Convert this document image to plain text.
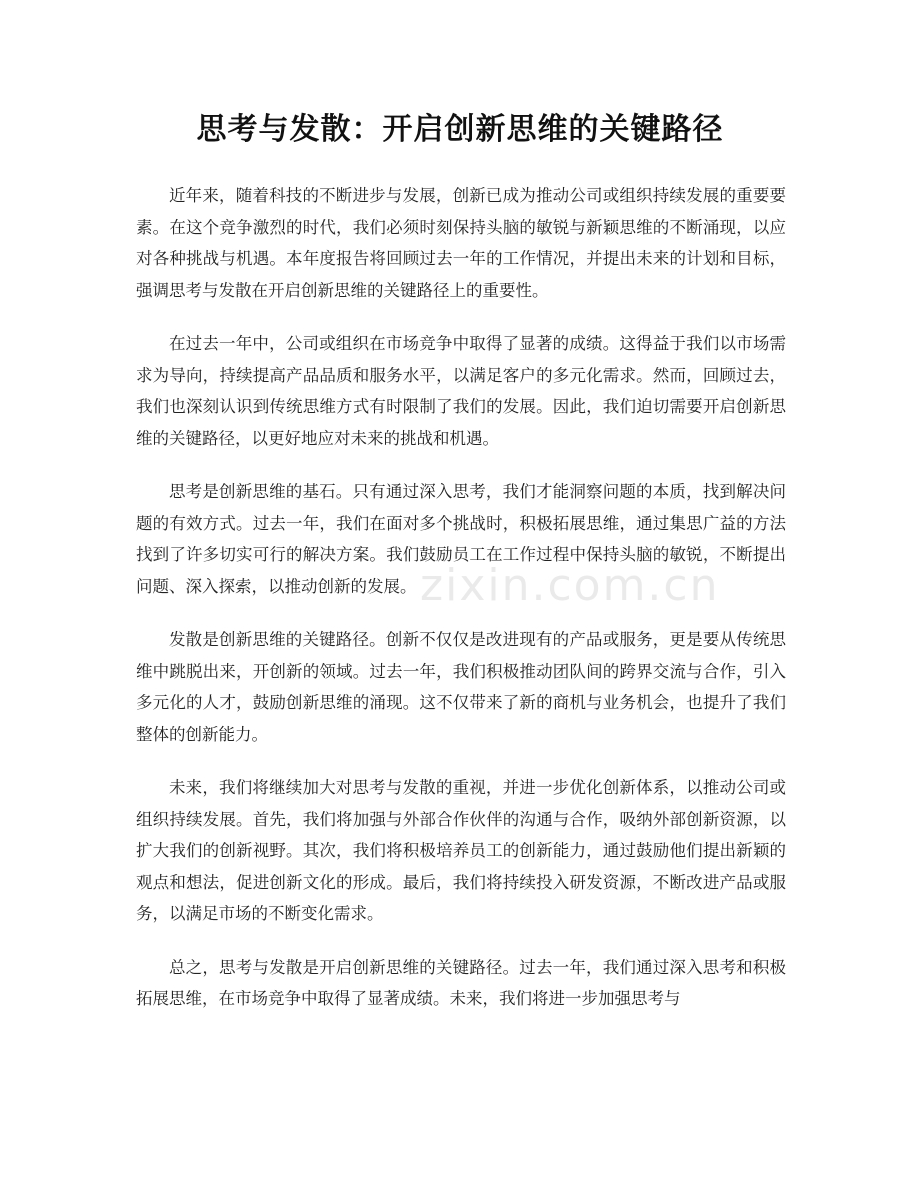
思考与发散：开启创新思维的关键路径

近年来，随着科技的不断进步与发展，创新已成为推动公司或组织持续发展的重要要素。在这个竞争激烈的时代，我们必须时刻保持头脑的敏锐与新颖思维的不断涌现，以应对各种挑战与机遇。本年度报告将回顾过去一年的工作情况，并提出未来的计划和目标，强调思考与发散在开启创新思维的关键路径上的重要性。

在过去一年中，公司或组织在市场竞争中取得了显著的成绩。这得益于我们以市场需求为导向，持续提高产品品质和服务水平，以满足客户的多元化需求。然而，回顾过去，我们也深刻认识到传统思维方式有时限制了我们的发展。因此，我们迫切需要开启创新思维的关键路径，以更好地应对未来的挑战和机遇。

思考是创新思维的基石。只有通过深入思考，我们才能洞察问题的本质，找到解决问题的有效方式。过去一年，我们在面对多个挑战时，积极拓展思维，通过集思广益的方法找到了许多切实可行的解决方案。我们鼓励员工在工作过程中保持头脑的敏锐，不断提出问题、深入探索，以推动创新的发展。

发散是创新思维的关键路径。创新不仅仅是改进现有的产品或服务，更是要从传统思维中跳脱出来，开创新的领域。过去一年，我们积极推动团队间的跨界交流与合作，引入多元化的人才，鼓励创新思维的涌现。这不仅带来了新的商机与业务机会，也提升了我们整体的创新能力。

未来，我们将继续加大对思考与发散的重视，并进一步优化创新体系，以推动公司或组织持续发展。首先，我们将加强与外部合作伙伴的沟通与合作，吸纳外部创新资源，以扩大我们的创新视野。其次，我们将积极培养员工的创新能力，通过鼓励他们提出新颖的观点和想法，促进创新文化的形成。最后，我们将持续投入研发资源，不断改进产品或服务，以满足市场的不断变化需求。

总之，思考与发散是开启创新思维的关键路径。过去一年，我们通过深入思考和积极拓展思维，在市场竞争中取得了显著成绩。未来，我们将进一步加强思考与

zixin.com.cn
